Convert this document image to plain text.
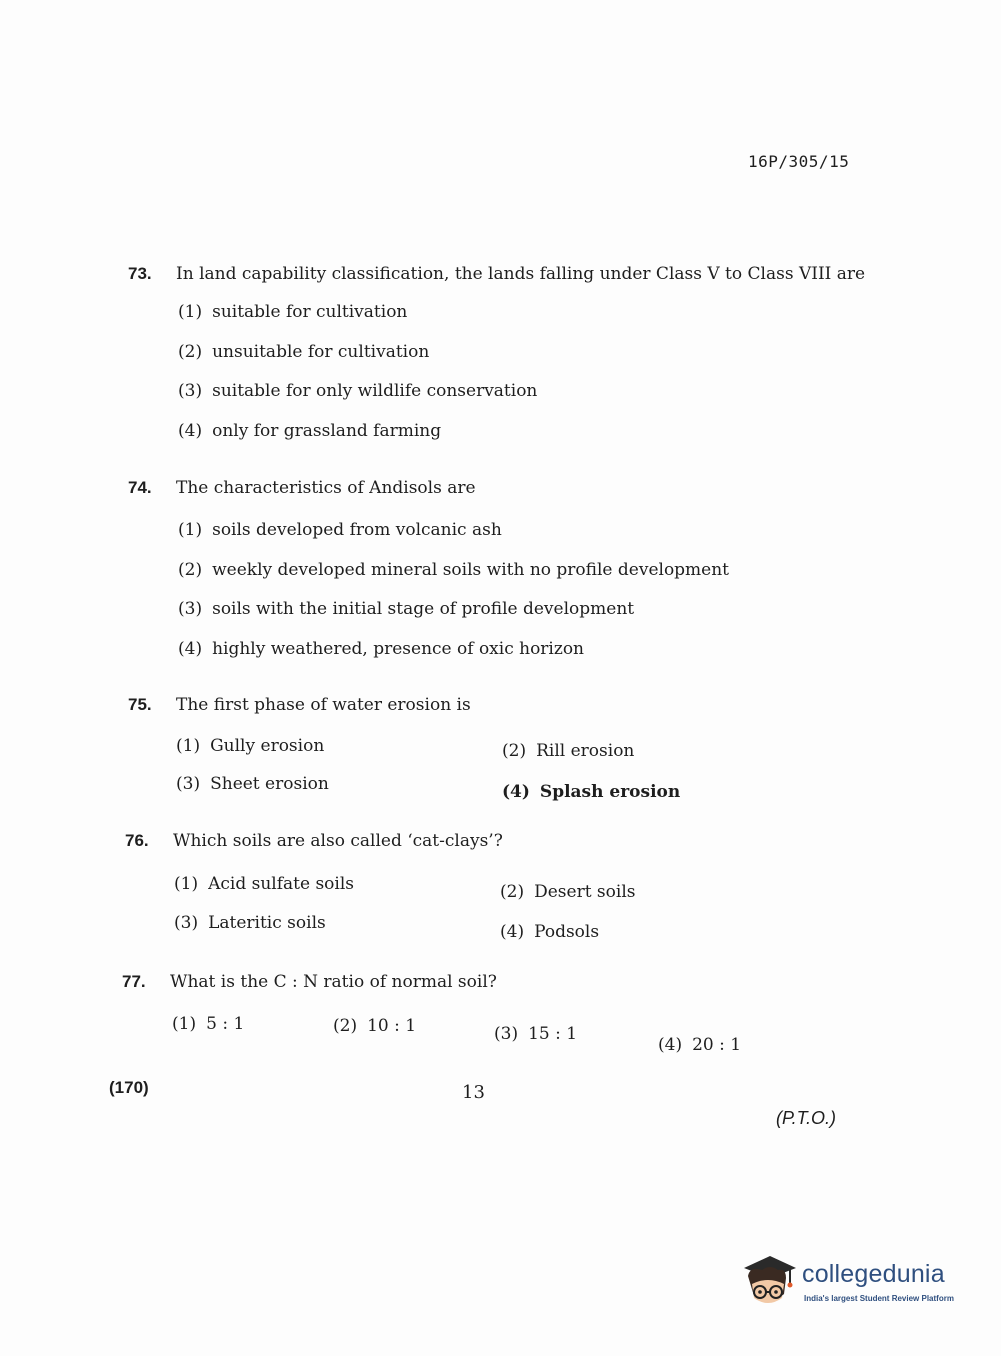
16P/305/15
73.	In land capability classification, the lands falling under Class V to Class VIII are
(1) suitable for cultivation
(2) unsuitable for cultivation
(3) suitable for only wildlife conservation
(4) only for grassland farming
74.	The characteristics of Andisols are
(1) soils developed from volcanic ash
(2) weekly developed mineral soils with no profile development
(3) soils with the initial stage of profile development
(4) highly weathered, presence of oxic horizon
75.	The first phase of water erosion is
(1) Gully erosion	(2) Rill erosion
(3) Sheet erosion	(4) Splash erosion
76.	Which soils are also called ‘cat-clays’?
(1) Acid sulfate soils	(2) Desert soils
(3) Lateritic soils	(4) Podsols
77.	What is the C : N ratio of normal soil?
(1) 5 : 1	(2) 10 : 1	(3) 15 : 1
(4) 20 : 1
(170)	13
(P.T.O.)
collegedunia
India's largest Student Review Platform
